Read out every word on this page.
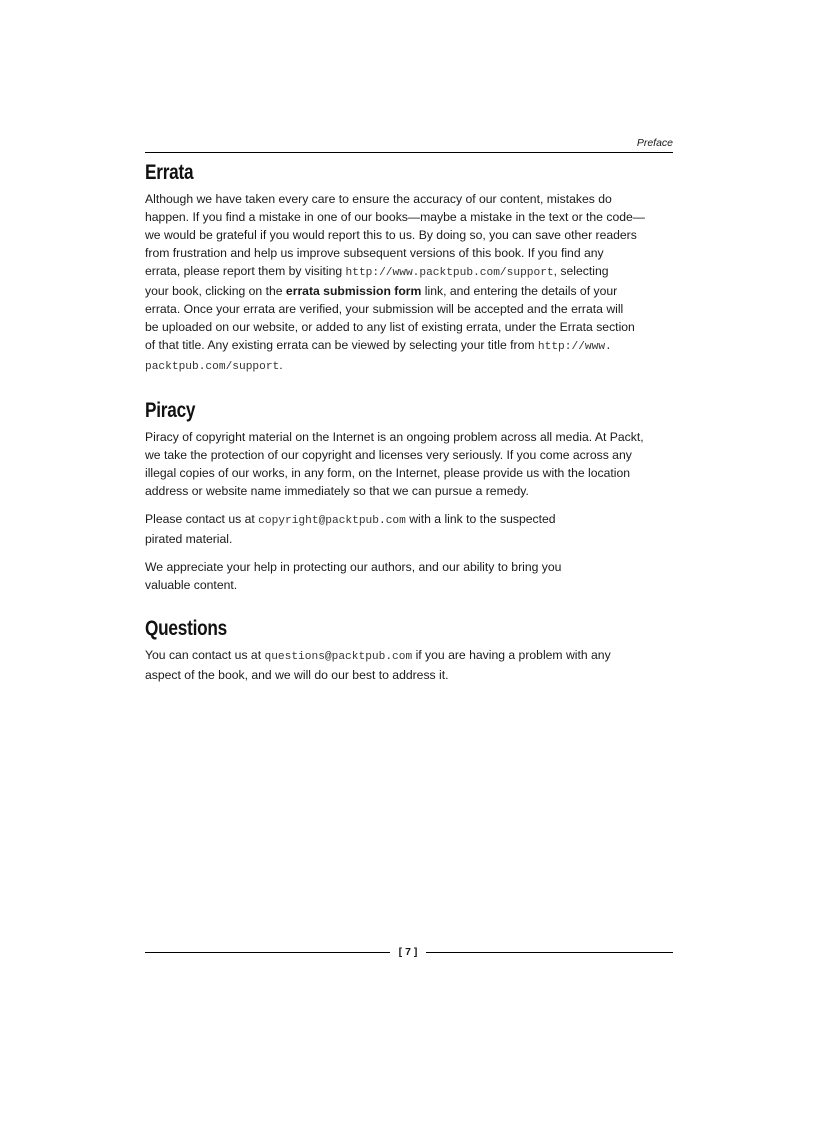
Preface
Errata

Although we have taken every care to ensure the accuracy of our content, mistakes do
happen. If you find a mistake in one of our books—maybe a mistake in the text or the code—
we would be grateful if you would report this to us. By doing so, you can save other readers
from frustration and help us improve subsequent versions of this book. If you find any
errata, please report them by visiting http://www.packtpub.com/support, selecting
your book, clicking on the errata submission form link, and entering the details of your
errata. Once your errata are verified, your submission will be accepted and the errata will
be uploaded on our website, or added to any list of existing errata, under the Errata section
of that title. Any existing errata can be viewed by selecting your title from http://www.
packtpub.com/support.

Piracy

Piracy of copyright material on the Internet is an ongoing problem across all media. At Packt,
we take the protection of our copyright and licenses very seriously. If you come across any
illegal copies of our works, in any form, on the Internet, please provide us with the location
address or website name immediately so that we can pursue a remedy.

Please contact us at copyright@packtpub.com with a link to the suspected
pirated material.

We appreciate your help in protecting our authors, and our ability to bring you
valuable content.

Questions

You can contact us at questions@packtpub.com if you are having a problem with any
aspect of the book, and we will do our best to address it.

[ 7 ]
